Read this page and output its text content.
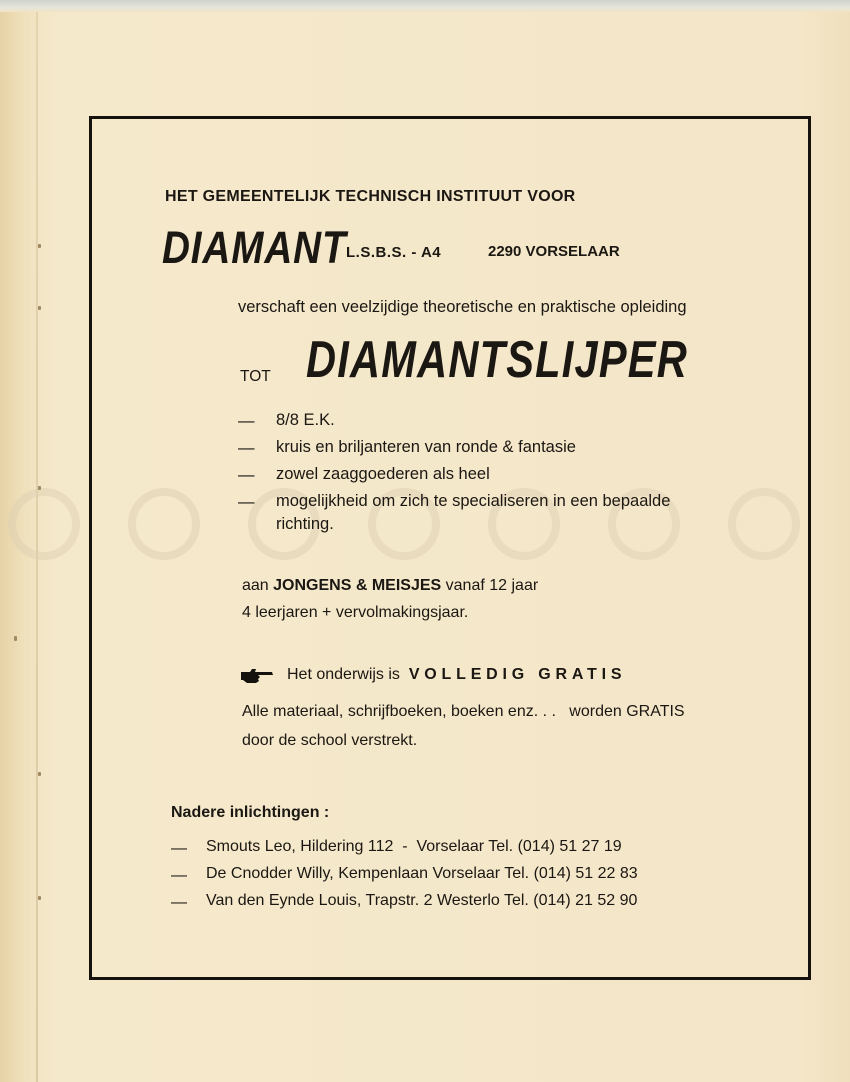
HET GEMEENTELIJK TECHNISCH INSTITUUT VOOR
DIAMANT L.S.B.S. - A4	2290 VORSELAAR
verschaft een veelzijdige theoretische en praktische opleiding
TOT DIAMANTSLIJPER
— 8/8 E.K.
— kruis en briljanteren van ronde & fantasie
— zowel zaaggoederen als heel
— mogelijkheid om zich te specialiseren in een bepaalde
richting.
aan JONGENS & MEISJES vanaf 12 jaar
4 leerjaren + vervolmakingsjaar.
Het onderwijs is VOLLEDIG GRATIS
Alle materiaal, schrijfboeken, boeken enz. . .   worden GRATIS
door de school verstrekt.
Nadere inlichtingen :
— Smouts Leo, Hildering 112  -  Vorselaar Tel. (014) 51 27 19
— De Cnodder Willy, Kempenlaan Vorselaar Tel. (014) 51 22 83
— Van den Eynde Louis, Trapstr. 2 Westerlo Tel. (014) 21 52 90
